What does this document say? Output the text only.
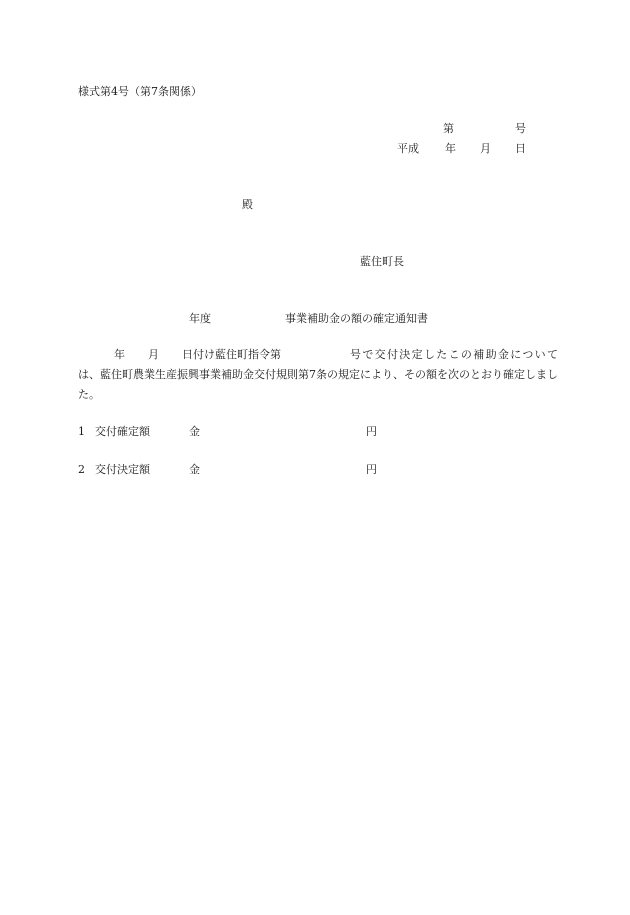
様式第4号（第7条関係）
第	号
平成 年 月 日
殿
藍住町長
年度	事業補助金の額の確定通知書
年 月 日付け藍住町指令第	号で交付決定したこの補助金については、藍住町農業生産振興事業補助金交付規則第7条の規定により、その額を次のとおり確定しました。
1 交付確定額	金	円
2 交付決定額	金	円
